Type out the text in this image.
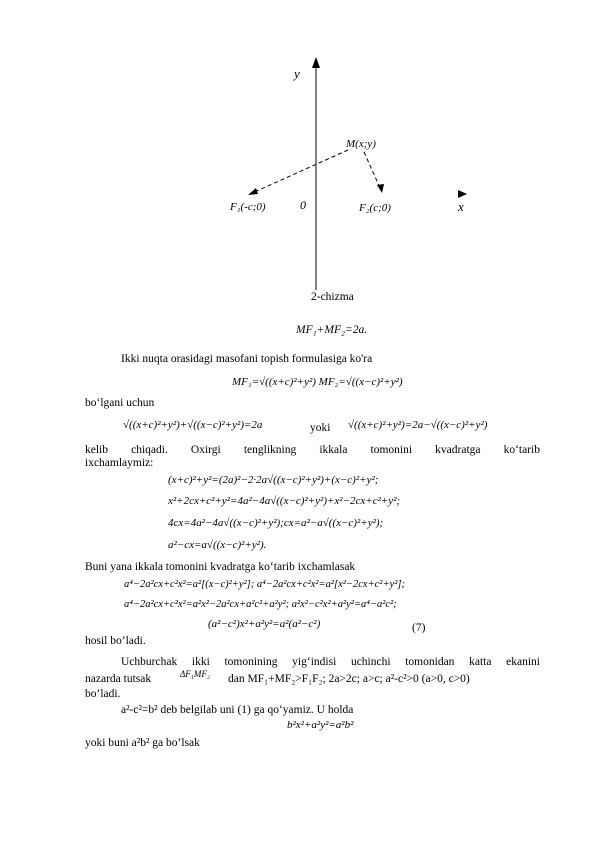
y
x
0
M(x;y)
F₁(-c;0)	F₂(c;0)
2-chizma
MF₁+MF₂=2a.
Ikki nuqta orasidagi masofani topish formulasiga ko'ra
MF₁=√((x+c)²+y²) MF₂=√((x−c)²+y²)
bo‘lgani uchun
√((x+c)²+y²)+√((x−c)²+y²)=2a	yoki √((x+c)²+y²)=2a−√((x−c)²+y²)
kelib chiqadi. Oxirgi tenglikning ikkala tomonini kvadratga ko‘tarib
ixchamlaymiz:
(x+c)²+y²=(2a)²−2·2a√((x−c)²+y²)+(x−c)²+y²;
x²+2cx+c²+y²=4a²−4a√((x−c)²+y²)+x²−2cx+c²+y²;
4cx=4a²−4a√((x−c)²+y²);cx=a²−a√((x−c)²+y²);
a²−cx=a√((x−c)²+y²).
Buni yana ikkala tomonini kvadratga ko‘tarib ixchamlasak
a⁴−2a²cx+c²x²=a²[(x−c)²+y²]; a⁴−2a²cx+c²x²=a²[x²−2cx+c²+y²];
a⁴−2a²cx+c²x²=a²x²−2a²cx+a²c²+a²y²; a²x²−c²x²+a²y²=a⁴−a²c²;
(a²−c²)x²+a²y²=a²(a²−c²)	(7)
hosil bo’ladi.
Uchburchak ikki tomonining yig‘indisi uchinchi tomonidan katta ekanini
nazarda tutsak	ΔF₁MF₂ dan MF₁+MF₂>F₁F₂; 2a>2c; a>c; a²-c²>0 (a>0, c>0)
bo’ladi.
a²-c²=b² deb belgilab uni (1) ga qo‘yamiz. U holda
b²x²+a²y²=a²b²
yoki buni a²b² ga bo’lsak
